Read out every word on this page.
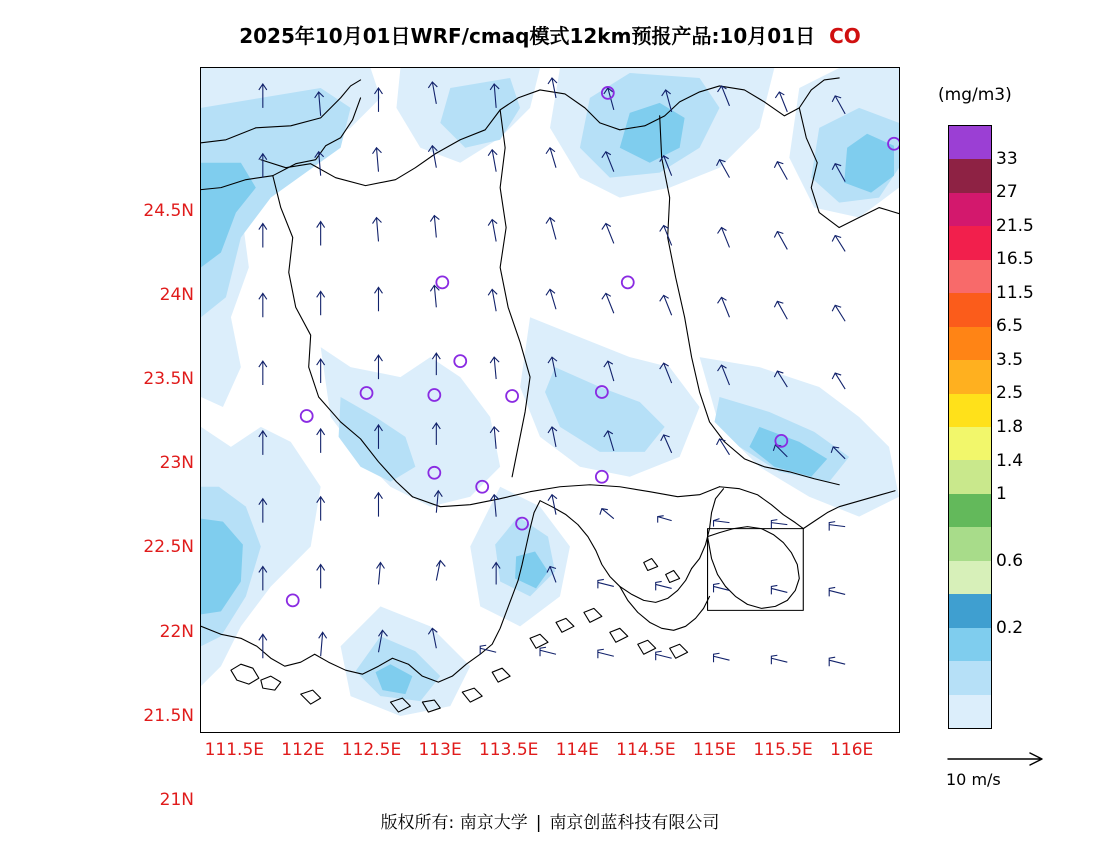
2025年10月01日WRF/cmaq模式12km预报产品:10月01日 CO
24.5N
24N
23.5N
23N
22.5N
22N
21.5N
21N
111.5E 112E 112.5E 113E 113.5E 114E 114.5E 115E 115.5E 116E
(mg/m3)
33
27
21.5
16.5
11.5
6.5
3.5
2.5
1.8
1.4
1
0.6
0.2
10 m/s
版权所有: 南京大学 | 南京创蓝科技有限公司
